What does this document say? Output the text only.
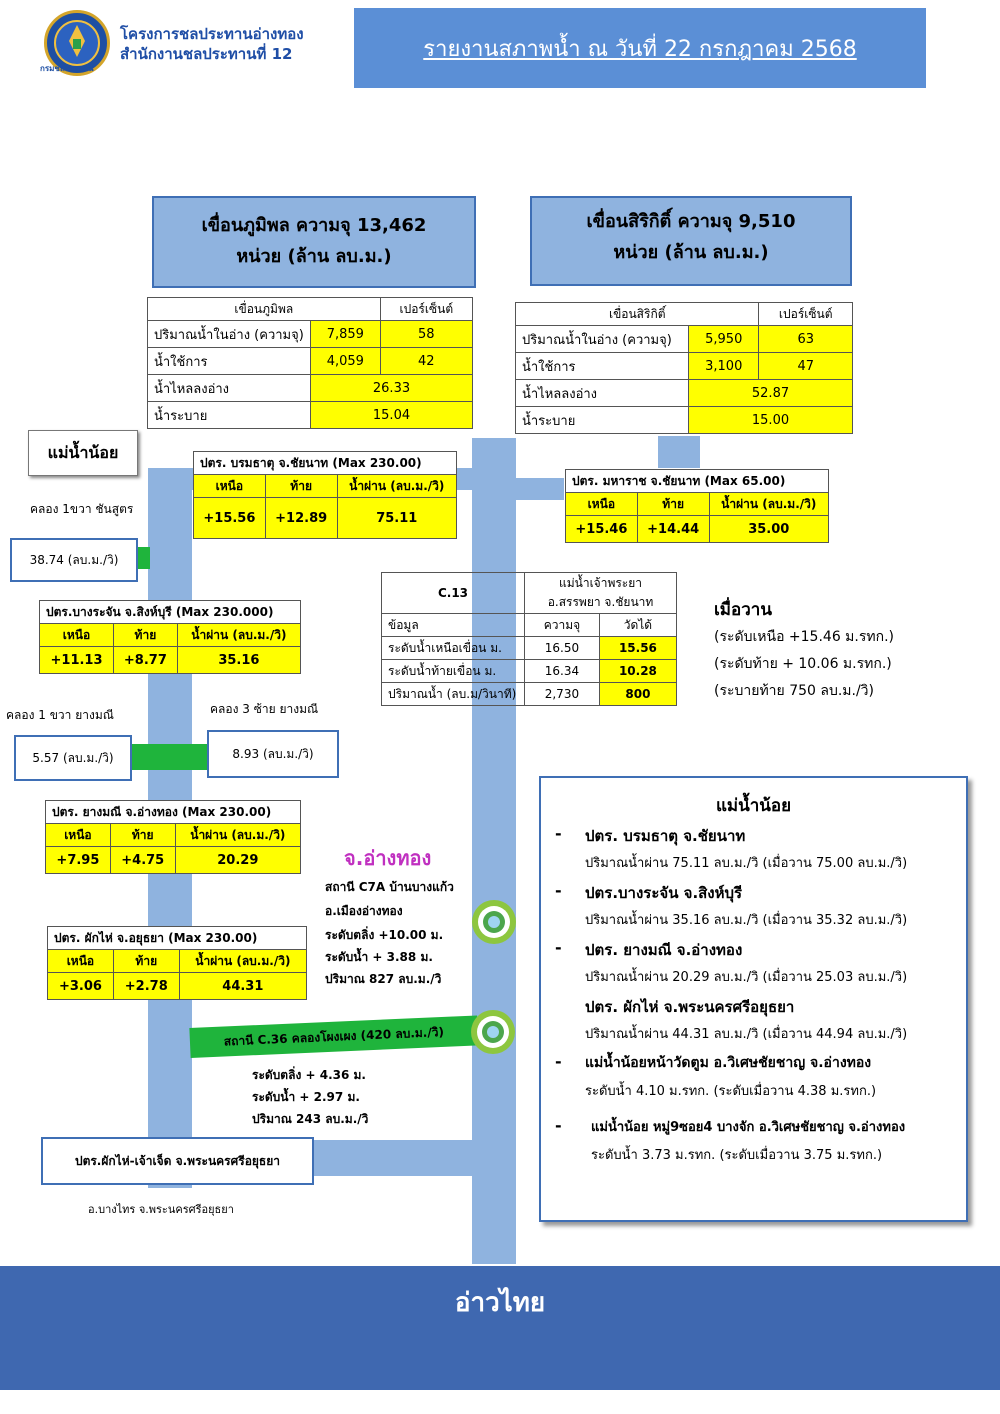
กรมชลประทาน
โครงการชลประทานอ่างทอง
สำนักงานชลประทานที่ 12	รายงานสภาพน้ำ ณ วันที่ 22 กรกฎาคม 2568
เขื่อนภูมิพล ความจุ 13,462
หน่วย (ล้าน ลบ.ม.)
เขื่อนสิริกิติ์ ความจุ 9,510
หน่วย (ล้าน ลบ.ม.)
เขื่อนภูมิพล		เปอร์เซ็นต์
ปริมาณน้ำในอ่าง (ความจุ)	7,859	58
น้ำใช้การ	4,059	42
น้ำไหลลงอ่าง	26.33	
น้ำระบาย	15.04	
เขื่อนสิริกิติ์		เปอร์เซ็นต์
ปริมาณน้ำในอ่าง (ความจุ)	5,950	63
น้ำใช้การ	3,100	47
น้ำไหลลงอ่าง	52.87	
น้ำระบาย	15.00	
แม่น้ำน้อย
ปตร. บรมธาตุ จ.ชัยนาท (Max 230.00)		
เหนือ	ท้าย	น้ำผ่าน (ลบ.ม./วิ)
+15.56	+12.89	75.11
ปตร. มหาราช จ.ชัยนาท (Max 65.00)		
เหนือ	ท้าย	น้ำผ่าน (ลบ.ม./วิ)
+15.46	+14.44	35.00
คลอง 1ขวา ชันสูตร
38.74 (ลบ.ม./วิ)
ปตร.บางระจัน จ.สิงห์บุรี (Max 230.000)		
เหนือ	ท้าย	น้ำผ่าน (ลบ.ม./วิ)
+11.13	+8.77	35.16
C.13	แม่น้ำเจ้าพระยา
อ.สรรพยา จ.ชัยนาท	

ข้อมูล	ความจุ	วัดได้
ระดับน้ำเหนือเขื่อน ม.	16.50	15.56
ระดับน้ำท้ายเขื่อน ม.	16.34	10.28
ปริมาณน้ำ (ลบ.ม/วินาที)	2,730	800
เมื่อวาน
(ระดับเหนือ +15.46 ม.รทก.)
(ระดับท้าย + 10.06 ม.รทก.)
(ระบายท้าย 750 ลบ.ม./วิ)
คลอง 1 ขวา ยางมณี	คลอง 3 ซ้าย ยางมณี
5.57 (ลบ.ม./วิ)	8.93 (ลบ.ม./วิ)
ปตร. ยางมณี จ.อ่างทอง (Max 230.00)		
เหนือ	ท้าย	น้ำผ่าน (ลบ.ม./วิ)
+7.95	+4.75	20.29	จ.อ่างทอง
สถานี C7A บ้านบางแก้ว
อ.เมืองอ่างทอง
ระดับตลิ่ง +10.00 ม.
ระดับน้ำ + 3.88 ม.
ปริมาณ 827 ลบ.ม./วิ
ปตร. ผักไห่ จ.อยุธยา (Max 230.00)		
เหนือ	ท้าย	น้ำผ่าน (ลบ.ม./วิ)
+3.06	+2.78	44.31
สถานี C.36 คลองโผงเผง (420 ลบ.ม./วิ)
ระดับตลิ่ง + 4.36 ม.
ระดับน้ำ + 2.97 ม.
ปริมาณ 243 ลบ.ม./วิ
ปตร.ผักไห่-เจ้าเจ็ด จ.พระนครศรีอยุธยา
อ.บางไทร จ.พระนครศรีอยุธยา
แม่น้ำน้อย
- ปตร. บรมธาตุ จ.ชัยนาท
ปริมาณน้ำผ่าน 75.11 ลบ.ม./วิ (เมื่อวาน 75.00 ลบ.ม./วิ)
- ปตร.บางระจัน จ.สิงห์บุรี
ปริมาณน้ำผ่าน 35.16 ลบ.ม./วิ (เมื่อวาน 35.32 ลบ.ม./วิ)
- ปตร. ยางมณี จ.อ่างทอง
ปริมาณน้ำผ่าน 20.29 ลบ.ม./วิ (เมื่อวาน 25.03 ลบ.ม./วิ)
ปตร. ผักไห่ จ.พระนครศรีอยุธยา
ปริมาณน้ำผ่าน 44.31 ลบ.ม./วิ (เมื่อวาน 44.94 ลบ.ม./วิ)
- แม่น้ำน้อยหน้าวัดตูม อ.วิเศษชัยชาญ จ.อ่างทอง
ระดับน้ำ 4.10 ม.รทก. (ระดับเมื่อวาน 4.38 ม.รทก.)
- แม่น้ำน้อย หมู่9ซอย4 บางจัก อ.วิเศษชัยชาญ จ.อ่างทอง
ระดับน้ำ 3.73 ม.รทก. (ระดับเมื่อวาน 3.75 ม.รทก.)
อ่าวไทย
